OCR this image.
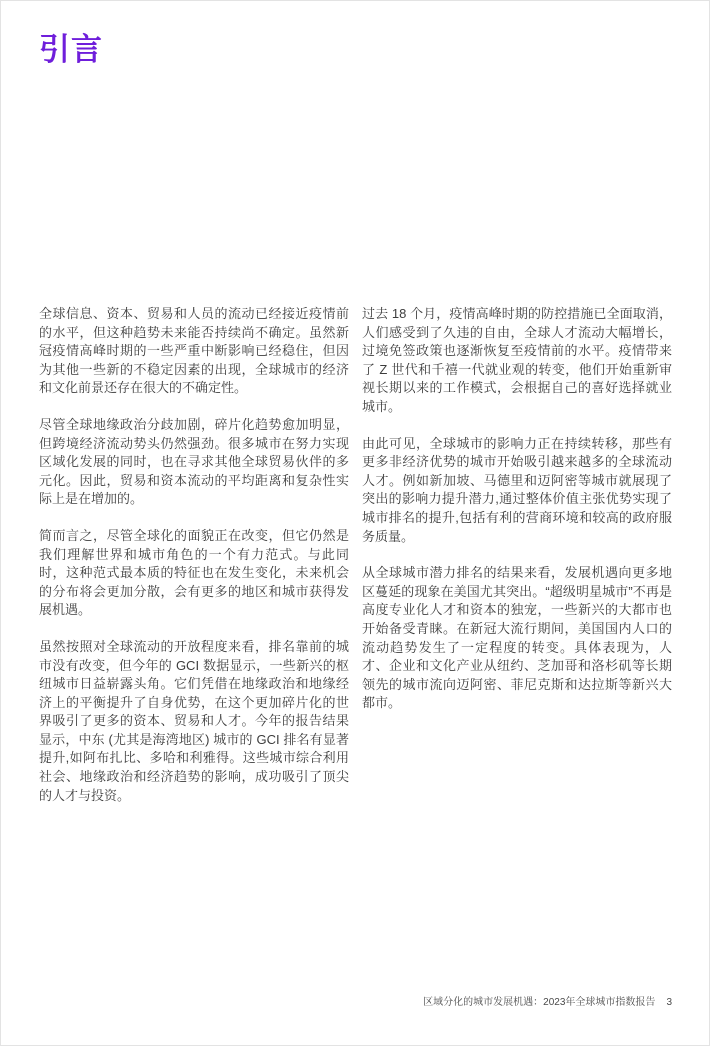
引言

全球信息、资本、贸易和人员的流动已经接近疫情前的水平，但这种趋势未来能否持续尚不确定。虽然新冠疫情高峰时期的一些严重中断影响已经稳住，但因为其他一些新的不稳定因素的出现，全球城市的经济和文化前景还存在很大的不确定性。

尽管全球地缘政治分歧加剧，碎片化趋势愈加明显，但跨境经济流动势头仍然强劲。很多城市在努力实现区域化发展的同时，也在寻求其他全球贸易伙伴的多元化。因此，贸易和资本流动的平均距离和复杂性实际上是在增加的。

简而言之，尽管全球化的面貌正在改变，但它仍然是我们理解世界和城市角色的一个有力范式。与此同时，这种范式最本质的特征也在发生变化，未来机会的分布将会更加分散，会有更多的地区和城市获得发展机遇。

虽然按照对全球流动的开放程度来看，排名靠前的城市没有改变，但今年的 GCI 数据显示，一些新兴的枢纽城市日益崭露头角。它们凭借在地缘政治和地缘经济上的平衡提升了自身优势，在这个更加碎片化的世界吸引了更多的资本、贸易和人才。今年的报告结果显示，中东 (尤其是海湾地区) 城市的 GCI 排名有显著提升,如阿布扎比、多哈和利雅得。这些城市综合利用社会、地缘政治和经济趋势的影响，成功吸引了顶尖的人才与投资。

过去 18 个月，疫情高峰时期的防控措施已全面取消，人们感受到了久违的自由，全球人才流动大幅增长，过境免签政策也逐渐恢复至疫情前的水平。疫情带来了 Z 世代和千禧一代就业观的转变，他们开始重新审视长期以来的工作模式，会根据自己的喜好选择就业城市。

由此可见，全球城市的影响力正在持续转移，那些有更多非经济优势的城市开始吸引越来越多的全球流动人才。例如新加坡、马德里和迈阿密等城市就展现了突出的影响力提升潜力,通过整体价值主张优势实现了城市排名的提升,包括有利的营商环境和较高的政府服务质量。

从全球城市潜力排名的结果来看，发展机遇向更多地区蔓延的现象在美国尤其突出。“超级明星城市”不再是高度专业化人才和资本的独宠，一些新兴的大都市也开始备受青睐。在新冠大流行期间，美国国内人口的流动趋势发生了一定程度的转变。具体表现为，人才、企业和文化产业从纽约、芝加哥和洛杉矶等长期领先的城市流向迈阿密、菲尼克斯和达拉斯等新兴大都市。

区域分化的城市发展机遇：2023年全球城市指数报告 3
